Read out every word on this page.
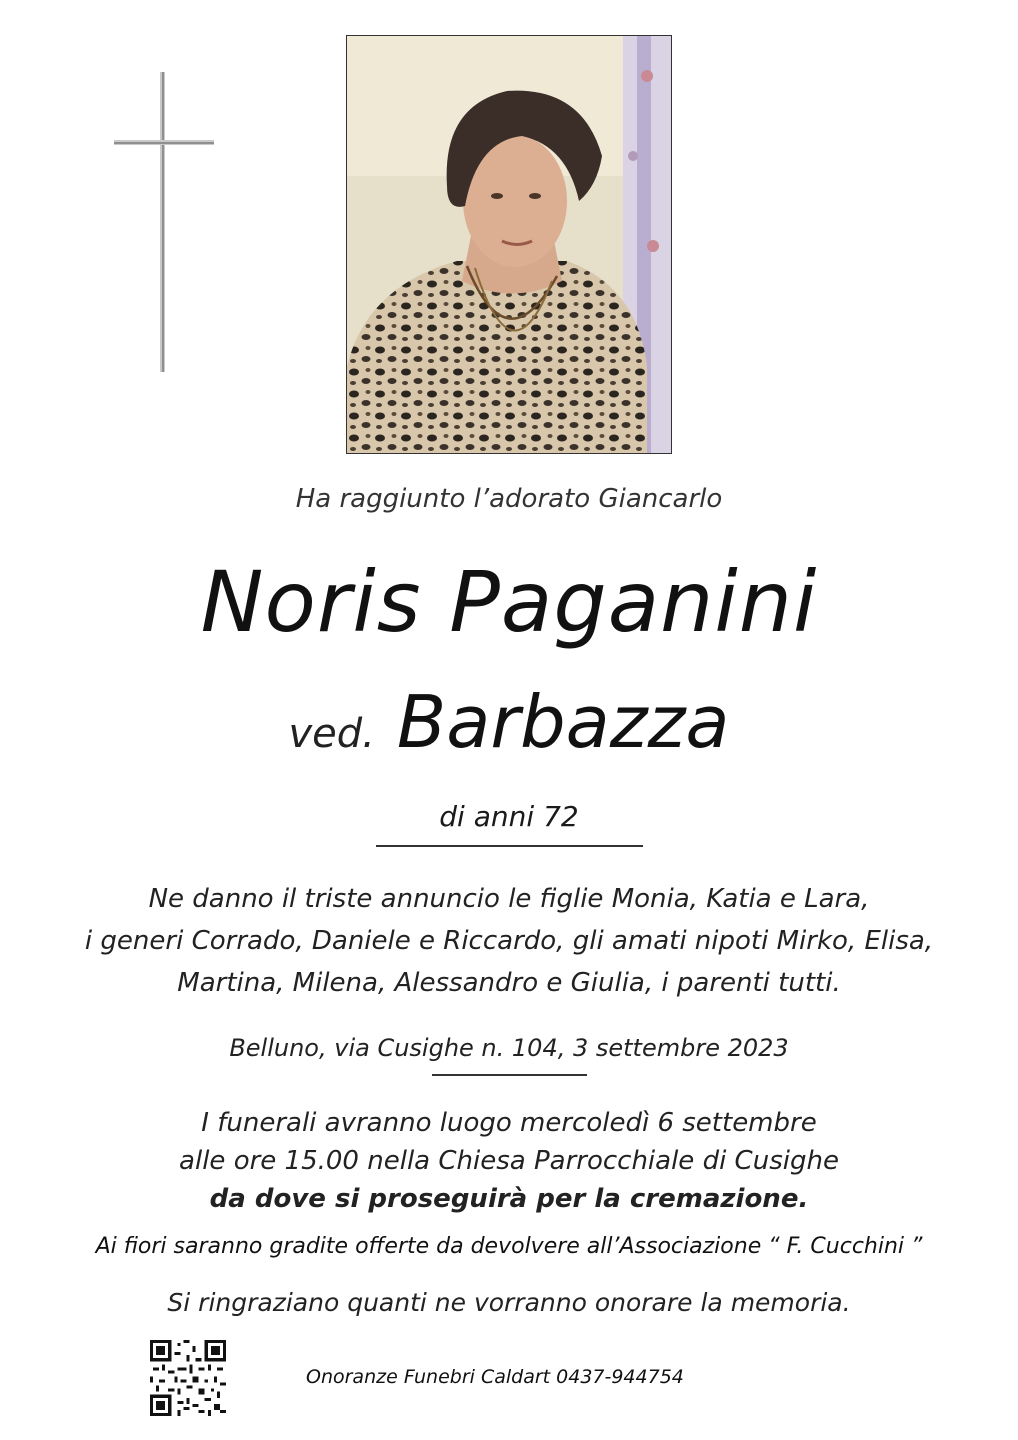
Ha raggiunto l’adorato Giancarlo
Noris Paganini
ved. Barbazza
di anni 72
Ne danno il triste annuncio le figlie Monia, Katia e Lara,
i generi Corrado, Daniele e Riccardo, gli amati nipoti Mirko, Elisa,
Martina, Milena, Alessandro e Giulia, i parenti tutti.
Belluno, via Cusighe n. 104, 3 settembre 2023
I funerali avranno luogo mercoledì 6 settembre
alle ore 15.00 nella Chiesa Parrocchiale di Cusighe
da dove si proseguirà per la cremazione.
Ai fiori saranno gradite offerte da devolvere all’Associazione “ F. Cucchini ”
Si ringraziano quanti ne vorranno onorare la memoria.
Onoranze Funebri Caldart 0437-944754
